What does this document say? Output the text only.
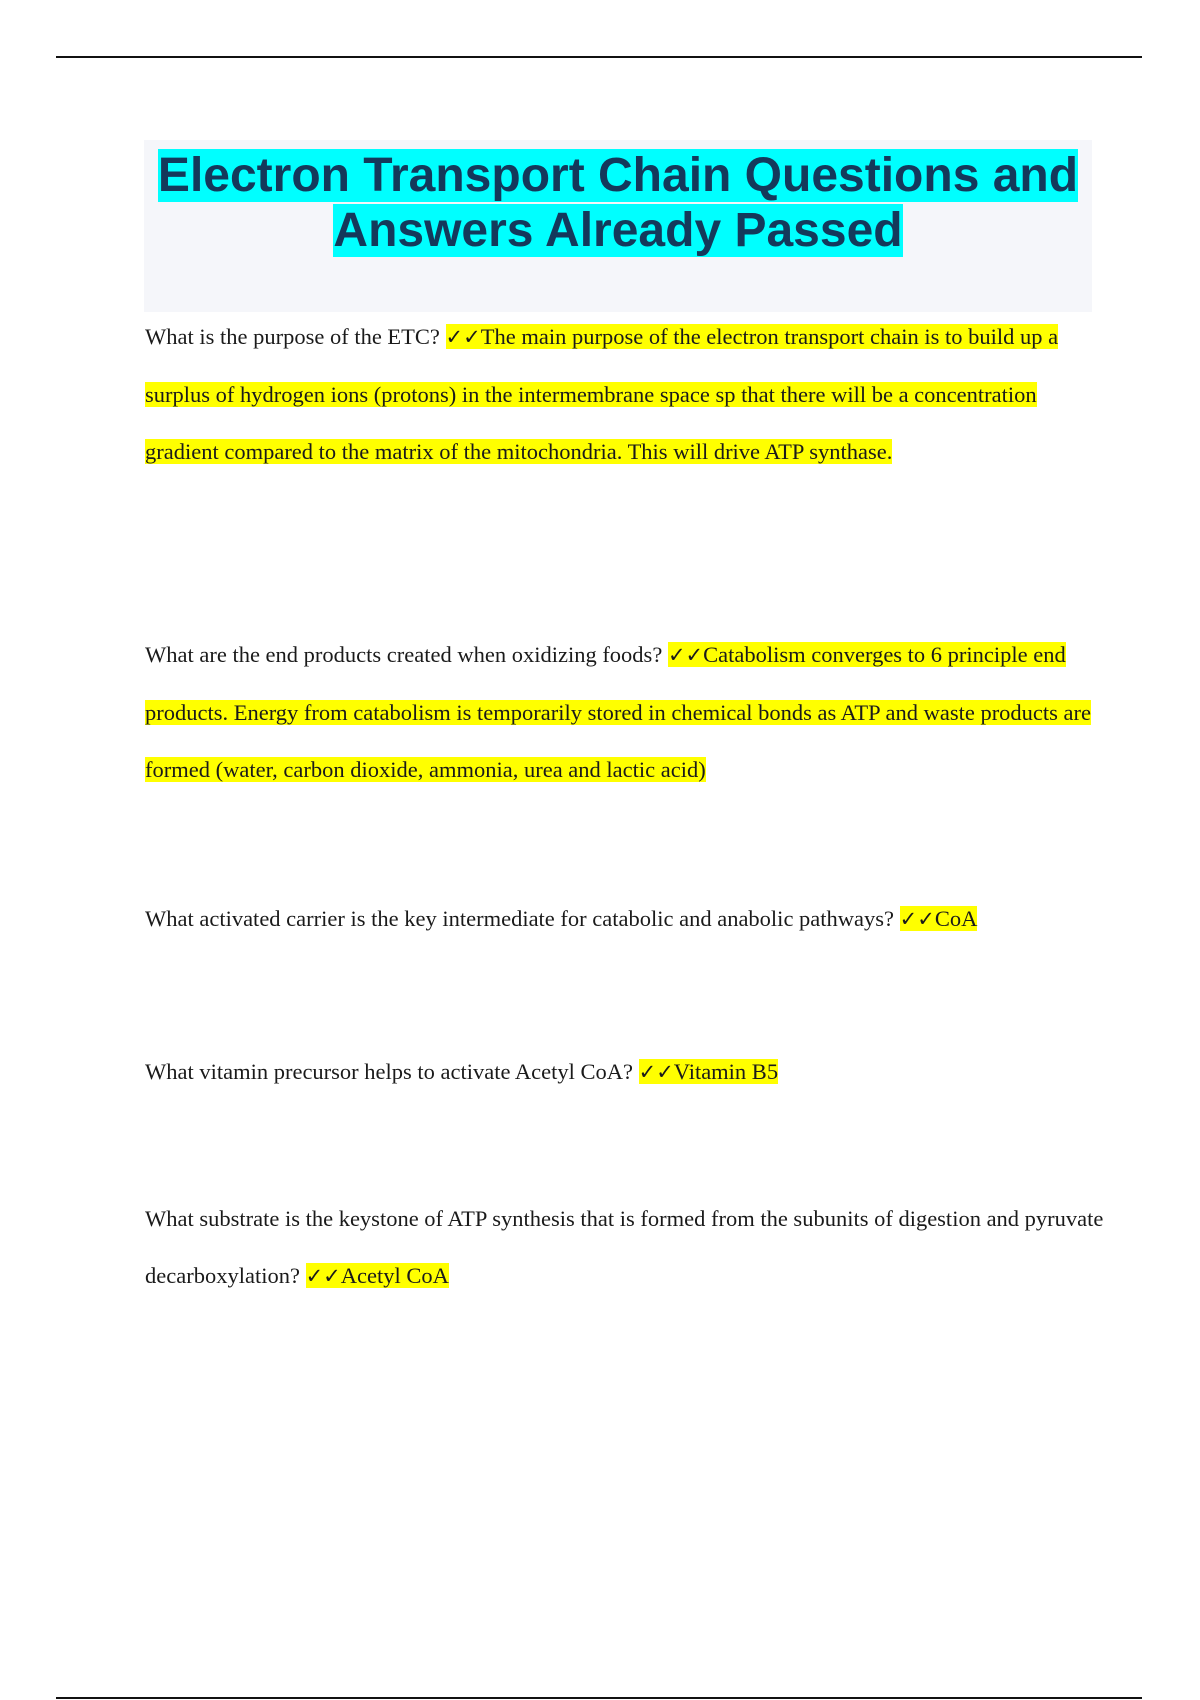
Electron Transport Chain Questions and
Answers Already Passed

What is the purpose of the ETC? ✓✓The main purpose of the electron transport chain is to build up a surplus of hydrogen ions (protons) in the intermembrane space sp that there will be a concentration gradient compared to the matrix of the mitochondria. This will drive ATP synthase.

What are the end products created when oxidizing foods? ✓✓Catabolism converges to 6 principle end products. Energy from catabolism is temporarily stored in chemical bonds as ATP and waste products are formed (water, carbon dioxide, ammonia, urea and lactic acid)

What activated carrier is the key intermediate for catabolic and anabolic pathways? ✓✓CoA

What vitamin precursor helps to activate Acetyl CoA? ✓✓Vitamin B5

What substrate is the keystone of ATP synthesis that is formed from the subunits of digestion and pyruvate decarboxylation? ✓✓Acetyl CoA
